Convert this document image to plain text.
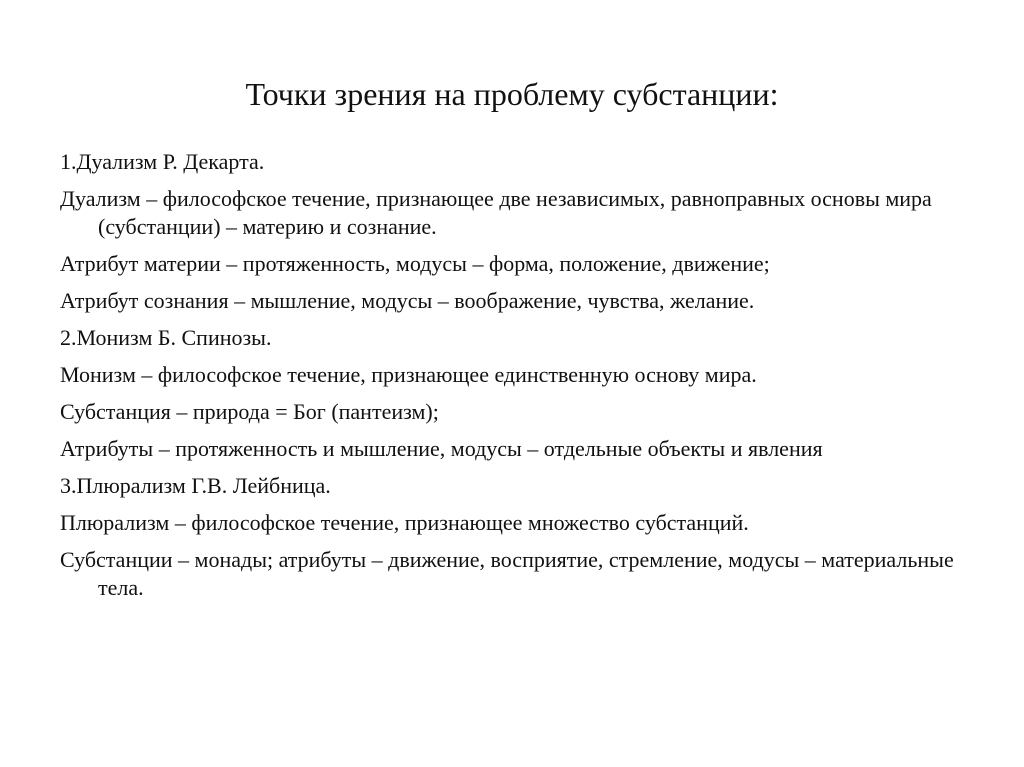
Точки зрения на проблему субстанции:

1.Дуализм Р. Декарта.

Дуализм – философское течение, признающее две независимых, равноправных основы мира (субстанции) – материю и сознание.

Атрибут материи – протяженность, модусы – форма, положение, движение;

Атрибут сознания – мышление, модусы – воображение, чувства, желание.

2.Монизм Б. Спинозы.

Монизм – философское течение, признающее единственную основу мира.

Субстанция – природа = Бог (пантеизм);

Атрибуты – протяженность и мышление, модусы – отдельные объекты и явления

3.Плюрализм Г.В. Лейбница.

Плюрализм – философское течение, признающее множество субстанций.

Субстанции – монады; атрибуты – движение, восприятие, стремление, модусы – материальные тела.
